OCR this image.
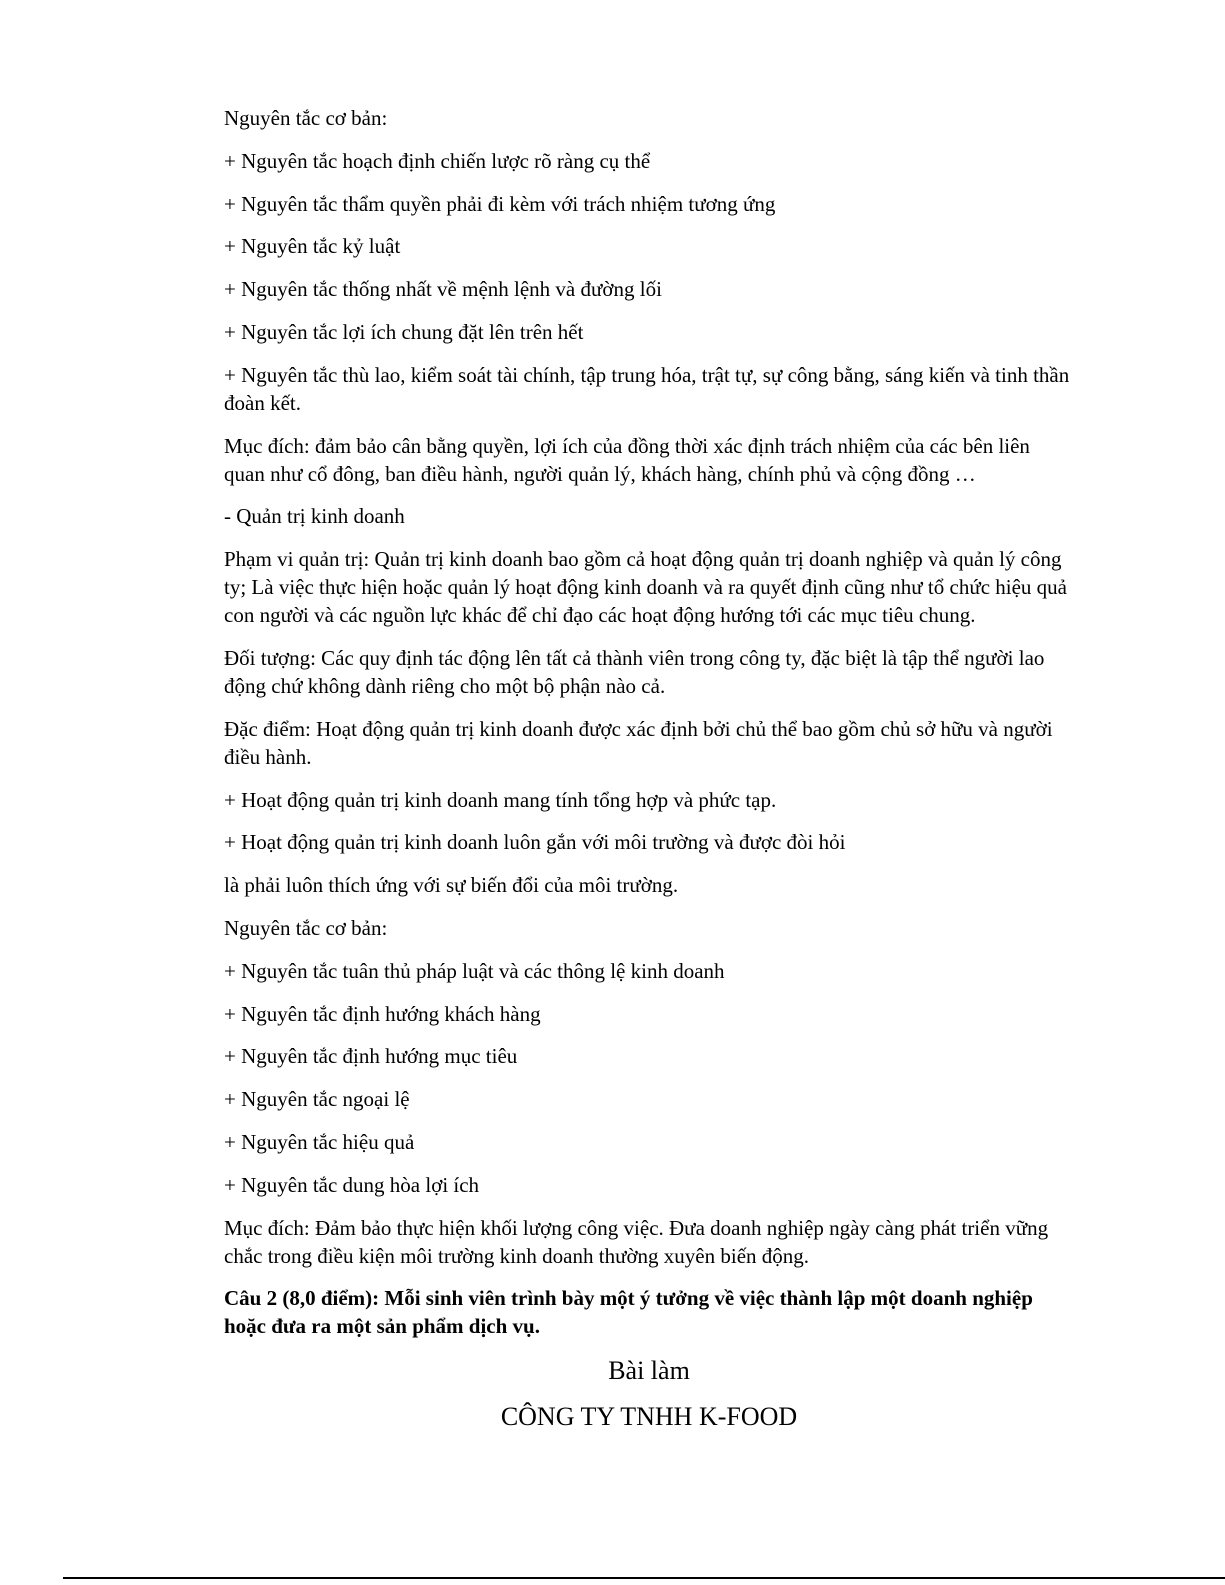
Nguyên tắc cơ bản:

+ Nguyên tắc hoạch định chiến lược rõ ràng cụ thể

+ Nguyên tắc thẩm quyền phải đi kèm với trách nhiệm tương ứng

+ Nguyên tắc kỷ luật

+ Nguyên tắc thống nhất về mệnh lệnh và đường lối

+ Nguyên tắc lợi ích chung đặt lên trên hết

+ Nguyên tắc thù lao, kiểm soát tài chính, tập trung hóa, trật tự, sự công bằng, sáng kiến và tinh thần đoàn kết.

Mục đích: đảm bảo cân bằng quyền, lợi ích của đồng thời xác định trách nhiệm của các bên liên quan như cổ đông, ban điều hành, người quản lý, khách hàng, chính phủ và cộng đồng …

- Quản trị kinh doanh

Phạm vi quản trị: Quản trị kinh doanh bao gồm cả hoạt động quản trị doanh nghiệp và quản lý công ty; Là việc thực hiện hoặc quản lý hoạt động kinh doanh và ra quyết định cũng như tổ chức hiệu quả con người và các nguồn lực khác để chỉ đạo các hoạt động hướng tới các mục tiêu chung.

Đối tượng: Các quy định tác động lên tất cả thành viên trong công ty, đặc biệt là tập thể người lao động chứ không dành riêng cho một bộ phận nào cả.

Đặc điểm: Hoạt động quản trị kinh doanh được xác định bởi chủ thể bao gồm chủ sở hữu và người điều hành.

+ Hoạt động quản trị kinh doanh mang tính tổng hợp và phức tạp.

+ Hoạt động quản trị kinh doanh luôn gắn với môi trường và được đòi hỏi

là phải luôn thích ứng với sự biến đổi của môi trường.

Nguyên tắc cơ bản:

+ Nguyên tắc tuân thủ pháp luật và các thông lệ kinh doanh

+ Nguyên tắc định hướng khách hàng

+ Nguyên tắc định hướng mục tiêu

+ Nguyên tắc ngoại lệ

+ Nguyên tắc hiệu quả

+ Nguyên tắc dung hòa lợi ích

Mục đích: Đảm bảo thực hiện khối lượng công việc. Đưa doanh nghiệp ngày càng phát triển vững chắc trong điều kiện môi trường kinh doanh thường xuyên biến động.

Câu 2 (8,0 điểm): Mỗi sinh viên trình bày một ý tưởng về việc thành lập một doanh nghiệp hoặc đưa ra một sản phẩm dịch vụ.

Bài làm

CÔNG TY TNHH K-FOOD
